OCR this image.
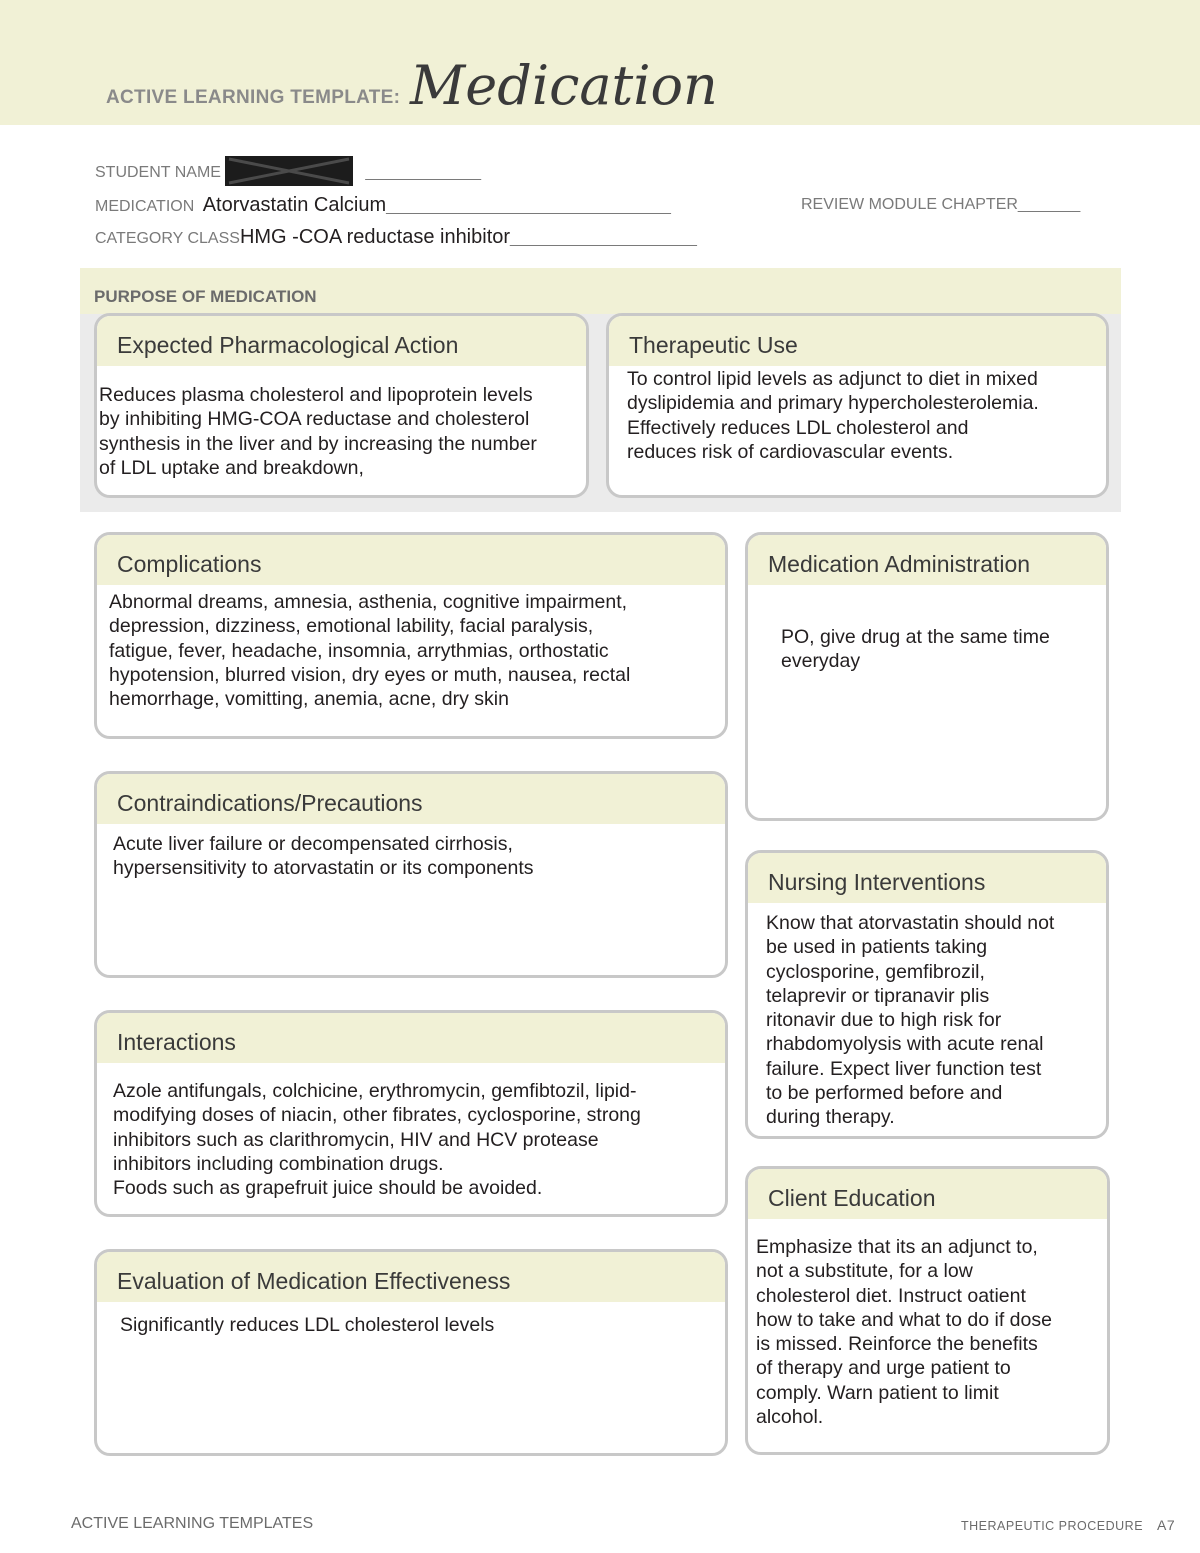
ACTIVE LEARNING TEMPLATE: Medication
STUDENT NAME	_____________
MEDICATION Atorvastatin Calcium________________________________	REVIEW MODULE CHAPTER_______
CATEGORY CLASSHMG -COA reductase inhibitor_____________________
PURPOSE OF MEDICATION
Expected Pharmacological Action
Reduces plasma cholesterol and lipoprotein levels
by inhibiting HMG-COA reductase and cholesterol
synthesis in the liver and by increasing the number
of LDL uptake and breakdown,
Therapeutic Use
To control lipid levels as adjunct to diet in mixed
dyslipidemia and primary hypercholesterolemia.
Effectively reduces LDL cholesterol and
reduces risk of cardiovascular events.
Complications
Abnormal dreams, amnesia, asthenia, cognitive impairment,
depression, dizziness, emotional lability, facial paralysis,
fatigue, fever, headache, insomnia, arrythmias, orthostatic
hypotension, blurred vision, dry eyes or muth, nausea, rectal
hemorrhage, vomitting, anemia, acne, dry skin
Contraindications/Precautions
Acute liver failure or decompensated cirrhosis,
hypersensitivity to atorvastatin or its components
Interactions
Azole antifungals, colchicine, erythromycin, gemfibtozil, lipid-
modifying doses of niacin, other fibrates, cyclosporine, strong
inhibitors such as clarithromycin, HIV and HCV protease
inhibitors including combination drugs.
Foods such as grapefruit juice should be avoided.
Evaluation of Medication Effectiveness
Significantly reduces LDL cholesterol levels
Medication Administration
PO, give drug at the same time
everyday
Nursing Interventions
Know that atorvastatin should not
be used in patients taking
cyclosporine, gemfibrozil,
telaprevir or tipranavir plis
ritonavir due to high risk for
rhabdomyolysis with acute renal
failure. Expect liver function test
to be performed before and
during therapy.
Client Education
Emphasize that its an adjunct to,
not a substitute, for a low
cholesterol diet. Instruct oatient
how to take and what to do if dose
is missed. Reinforce the benefits
of therapy and urge patient to
comply. Warn patient to limit
alcohol.
ACTIVE LEARNING TEMPLATES	THERAPEUTIC PROCEDURE A7
